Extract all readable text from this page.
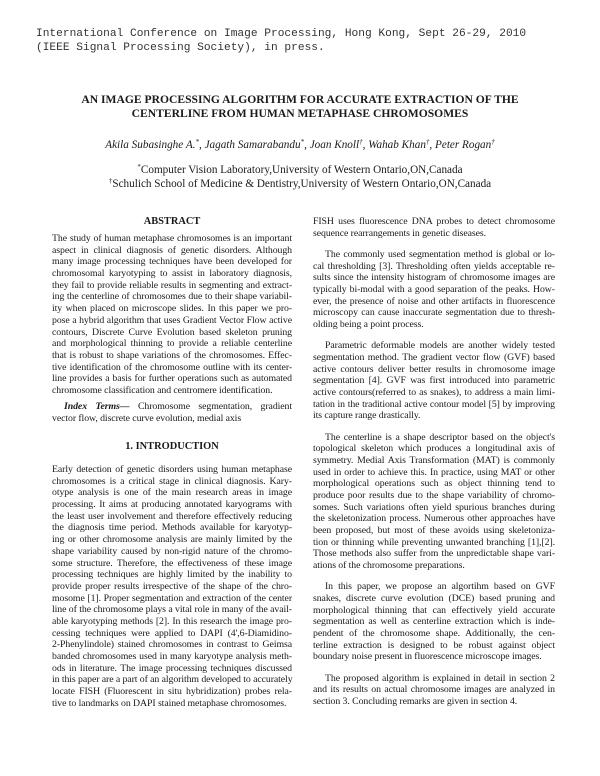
International Conference on Image Processing, Hong Kong, Sept 26-29, 2010
(IEEE Signal Processing Society), in press.
AN IMAGE PROCESSING ALGORITHM FOR ACCURATE EXTRACTION OF THE
CENTERLINE FROM HUMAN METAPHASE CHROMOSOMES
Akila Subasinghe A.*, Jagath Samarabandu*, Joan Knoll†, Wahab Khan†, Peter Rogan†
*Computer Vision Laboratory,University of Western Ontario,ON,Canada
†Schulich School of Medicine & Dentistry,University of Western Ontario,ON,Canada
ABSTRACT
The study of human metaphase chromosomes is an important
aspect in clinical diagnosis of genetic disorders. Although
many image processing techniques have been developed for
chromosomal karyotyping to assist in laboratory diagnosis,
they fail to provide reliable results in segmenting and extract-
ing the centerline of chromosomes due to their shape variabil-
ity when placed on microscope slides. In this paper we pro-
pose a hybrid algorithm that uses Gradient Vector Flow active
contours, Discrete Curve Evolution based skeleton pruning
and morphological thinning to provide a reliable centerline
that is robust to shape variations of the chromosomes. Effec-
tive identification of the chromosome outline with its center-
line provides a basis for further operations such as automated
chromosome classification and centromere identification.
Index Terms— Chromosome segmentation, gradient
vector flow, discrete curve evolution, medial axis
1. INTRODUCTION
Early detection of genetic disorders using human metaphase
chromosomes is a critical stage in clinical diagnosis. Kary-
otype analysis is one of the main research areas in image
processing. It aims at producing annotated karyograms with
the least user involvement and therefore effectively reducing
the diagnosis time period. Methods available for karyotyp-
ing or other chromosome analysis are mainly limited by the
shape variability caused by non-rigid nature of the chromo-
some structure. Therefore, the effectiveness of these image
processing techniques are highly limited by the inability to
provide proper results irrespective of the shape of the chro-
mosome [1]. Proper segmentation and extraction of the center
line of the chromosome plays a vital role in many of the avail-
able karyotyping methods [2]. In this research the image pro-
cessing techniques were applied to DAPI (4',6-Diamidino-
2-Phenylindole) stained chromosomes in contrast to Geimsa
banded chromosomes used in many karyotype analysis meth-
ods in literature. The image processing techniques discussed
in this paper are a part of an algorithm developed to accurately
locate FISH (Fluorescent in situ hybridization) probes rela-
tive to landmarks on DAPI stained metaphase chromosomes.
FISH uses fluorescence DNA probes to detect chromosome
sequence rearrangements in genetic diseases.
The commonly used segmentation method is global or lo-
cal thresholding [3]. Thresholding often yields acceptable re-
sults since the intensity histogram of chromosome images are
typically bi-modal with a good separation of the peaks. How-
ever, the presence of noise and other artifacts in fluorescence
microscopy can cause inaccurate segmentation due to thresh-
olding being a point process.
Parametric deformable models are another widely tested
segmentation method. The gradient vector flow (GVF) based
active contours deliver better results in chromosome image
segmentation [4]. GVF was first introduced into parametric
active contours(referred to as snakes), to address a main limi-
tation in the traditional active contour model [5] by improving
its capture range drastically.
The centerline is a shape descriptor based on the object's
topological skeleton which produces a longitudinal axis of
symmetry. Medial Axis Transformation (MAT) is commonly
used in order to achieve this. In practice, using MAT or other
morphological operations such as object thinning tend to
produce poor results due to the shape variability of chromo-
somes. Such variations often yield spurious branches during
the skeletonization process. Numerous other approaches have
been proposed, but most of these avoids using skeletoniza-
tion or thinning while preventing unwanted branching [1],[2].
Those methods also suffer from the unpredictable shape vari-
ations of the chromosome preparations.
In this paper, we propose an algortihm based on GVF
snakes, discrete curve evolution (DCE) based pruning and
morphological thinning that can effectively yield accurate
segmentation as well as centerline extraction which is inde-
pendent of the chromosome shape. Additionally, the cen-
terline extraction is designed to be robust against object
boundary noise present in fluorescence microscope images.
The proposed algorithm is explained in detail in section 2
and its results on actual chromosome images are analyzed in
section 3. Concluding remarks are given in section 4.
